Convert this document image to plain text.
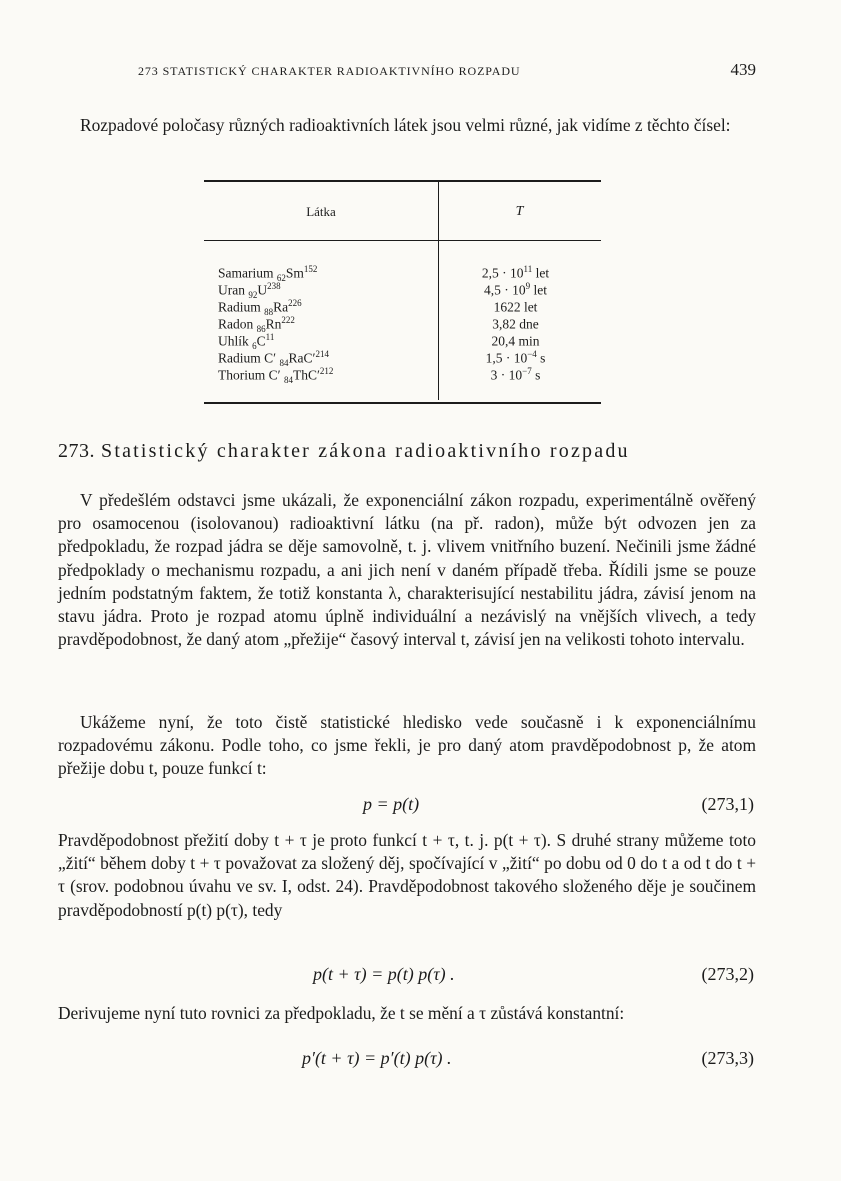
273 STATISTICKÝ CHARAKTER RADIOAKTIVNÍHO ROZPADU	439

Rozpadové poločasy různých radioaktivních látek jsou velmi různé, jak vidíme z těchto čísel:

Látka	T
Samarium $_{62}Sm^{152}$	$2,5 \cdot 10^{11}$ let
Uran $_{92}U^{238}$	$4,5 \cdot 10^9$ let
Radium $_{88}Ra^{226}$	1622 let
Radon $_{86}Rn^{222}$	3,82 dne
Uhlík $_6C^{11}$	20,4 min
Radium C′ $_{84}RaC'^{214}$	$1,5 \cdot 10^{-4}$ s
Thorium C′ $_{84}ThC'^{212}$	$3 \cdot 10^{-7}$ s
273. Statistický charakter zákona radioaktivního rozpadu

V předešlém odstavci jsme ukázali, že exponenciální zákon rozpadu, experimentálně ověřený pro osamocenou (isolovanou) radioaktivní látku (na př. radon), může být odvozen jen za předpokladu, že rozpad jádra se děje samovolně, t. j. vlivem vnitřního buzení. Nečinili jsme žádné předpoklady o mechanismu rozpadu, a ani jich není v daném případě třeba. Řídili jsme se pouze jedním podstatným faktem, že totiž konstanta λ, charakterisující nestabilitu jádra, závisí jenom na stavu jádra. Proto je rozpad atomu úplně individuální a nezávislý na vnějších vlivech, a tedy pravděpodobnost, že daný atom „přežije“ časový interval t, závisí jen na velikosti tohoto intervalu.

Ukážeme nyní, že toto čistě statistické hledisko vede současně i k exponenciálnímu rozpadovému zákonu. Podle toho, co jsme řekli, je pro daný atom pravděpodobnost p, že atom přežije dobu t, pouze funkcí t:

p = p(t)	(273,1)

Pravděpodobnost přežití doby t + τ je proto funkcí t + τ, t. j. p(t + τ). S druhé strany můžeme toto „žití“ během doby t + τ považovat za složený děj, spočívající v „žití“ po dobu od 0 do t a od t do t + τ (srov. podobnou úvahu ve sv. I, odst. 24). Pravděpodobnost takového složeného děje je součinem pravděpodobností p(t) p(τ), tedy

p(t + τ) = p(t) p(τ) .	(273,2)

Derivujeme nyní tuto rovnici za předpokladu, že t se mění a τ zůstává konstantní:

p′(t + τ) = p′(t) p(τ) .	(273,3)
